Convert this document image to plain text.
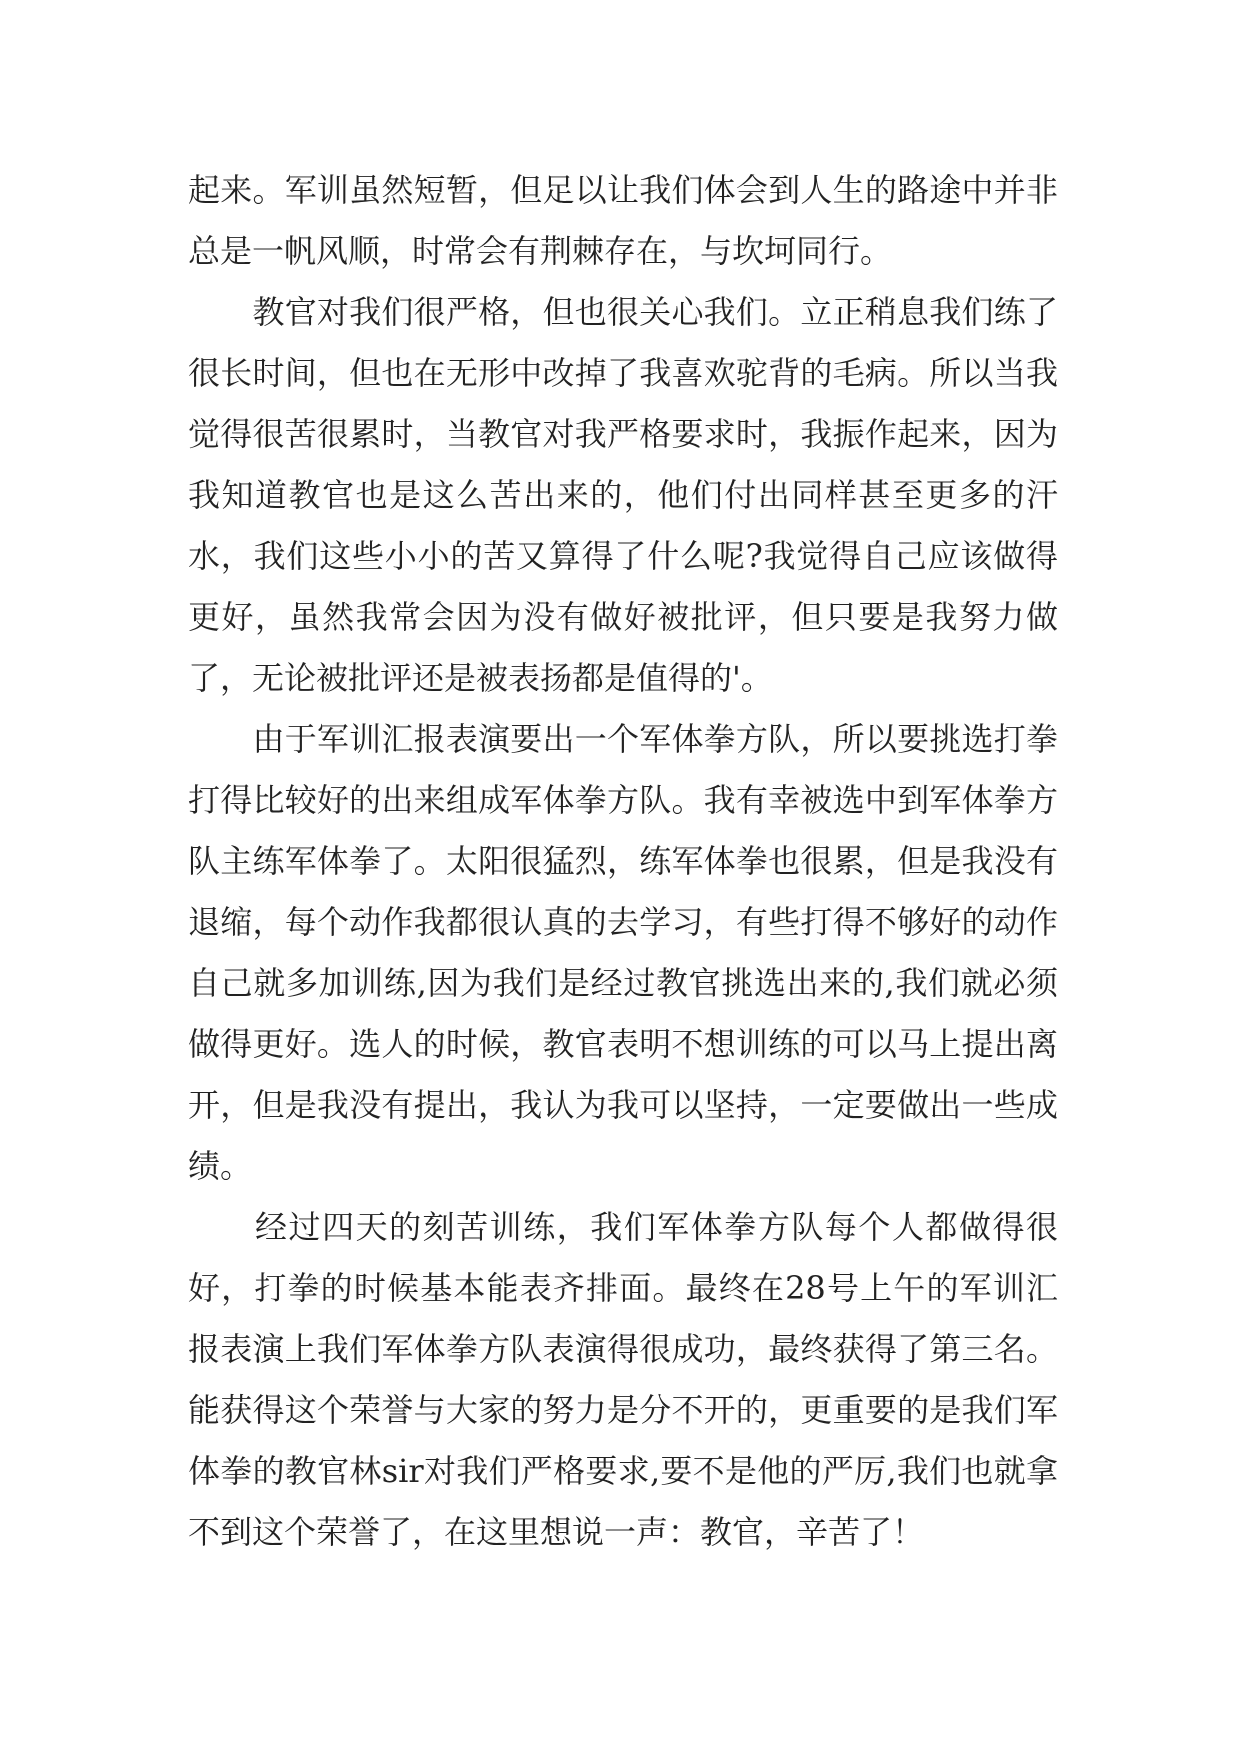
起来。军训虽然短暂，但足以让我们体会到人生的路途中并非总是一帆风顺，时常会有荆棘存在，与坎坷同行。

　　教官对我们很严格，但也很关心我们。立正稍息我们练了很长时间，但也在无形中改掉了我喜欢驼背的毛病。所以当我觉得很苦很累时，当教官对我严格要求时，我振作起来，因为我知道教官也是这么苦出来的，他们付出同样甚至更多的汗水，我们这些小小的苦又算得了什么呢?我觉得自己应该做得更好，虽然我常会因为没有做好被批评，但只要是我努力做了，无论被批评还是被表扬都是值得的'。

　　由于军训汇报表演要出一个军体拳方队，所以要挑选打拳打得比较好的出来组成军体拳方队。我有幸被选中到军体拳方队主练军体拳了。太阳很猛烈，练军体拳也很累，但是我没有退缩，每个动作我都很认真的去学习，有些打得不够好的动作自己就多加训练,因为我们是经过教官挑选出来的,我们就必须做得更好。选人的时候，教官表明不想训练的可以马上提出离开，但是我没有提出，我认为我可以坚持，一定要做出一些成绩。

　　经过四天的刻苦训练，我们军体拳方队每个人都做得很好，打拳的时候基本能表齐排面。最终在28号上午的军训汇报表演上我们军体拳方队表演得很成功，最终获得了第三名。能获得这个荣誉与大家的努力是分不开的，更重要的是我们军体拳的教官林sir对我们严格要求,要不是他的严厉,我们也就拿不到这个荣誉了，在这里想说一声：教官，辛苦了！
